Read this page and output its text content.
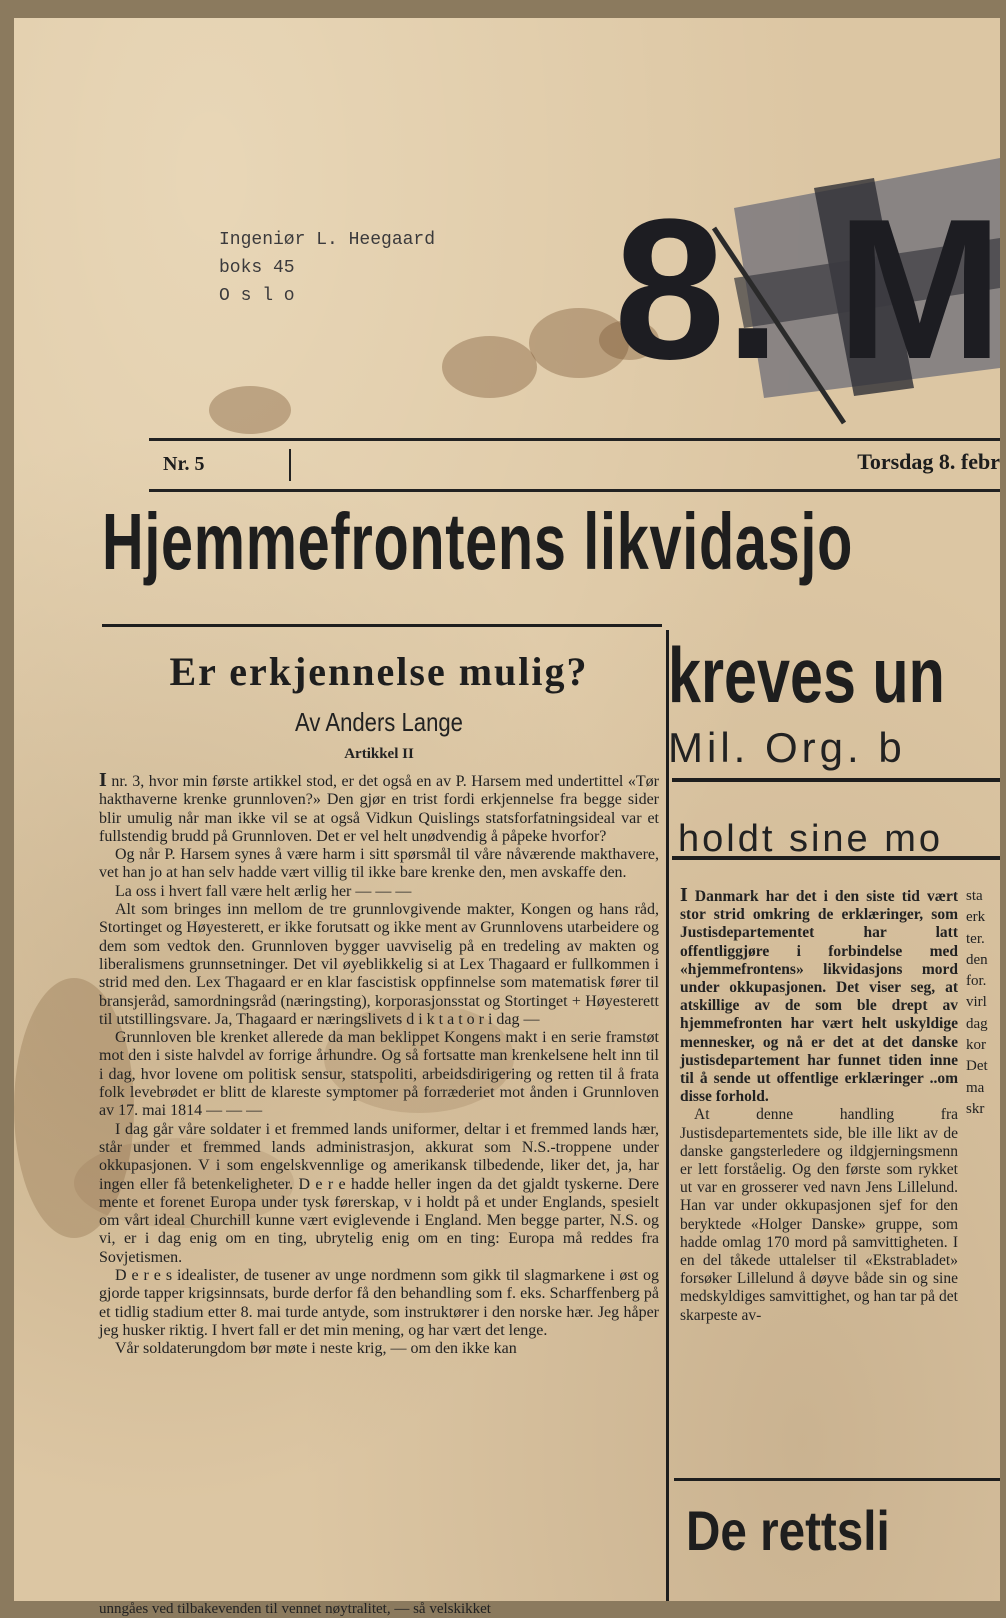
Ingeniør L. Heegaard
boks 45
O s l o	8. M
Nr. 5	Torsdag 8. febr
Hjemmefrontens likvidasjo
Er erkjennelse mulig?
Av Anders Lange
Artikkel II

I nr. 3, hvor min første artikkel stod, er det også en av P. Harsem med undertittel «Tør hakthaverne krenke grunnloven?» Den gjør en trist fordi erkjennelse fra begge sider blir umulig når man ikke vil se at også Vidkun Quislings statsforfatningsideal var et fullstendig brudd på Grunnloven. Det er vel helt unødvendig å påpeke hvorfor?

Og når P. Harsem synes å være harm i sitt spørsmål til våre nåværende makthavere, vet han jo at han selv hadde vært villig til ikke bare krenke den, men avskaffe den.

La oss i hvert fall være helt ærlig her — — —

Alt som bringes inn mellom de tre grunnlovgivende makter, Kongen og hans råd, Stortinget og Høyesterett, er ikke forutsatt og ikke ment av Grunnlovens utarbeidere og dem som vedtok den. Grunnloven bygger uavviselig på en tredeling av makten og liberalismens grunnsetninger. Det vil øyeblikkelig si at Lex Thagaard er fullkommen i strid med den. Lex Thagaard er en klar fascistisk oppfinnelse som matematisk fører til bransjeråd, samordningsråd (næringsting), korporasjonsstat og Stortinget + Høyesterett til utstillingsvare. Ja, Thagaard er næringslivets d i k t a t o r i dag —

Grunnloven ble krenket allerede da man beklippet Kongens makt i en serie framstøt mot den i siste halvdel av forrige århundre. Og så fortsatte man krenkelsene helt inn til i dag, hvor lovene om politisk sensur, statspoliti, arbeidsdirigering og retten til å frata folk levebrødet er blitt de klareste symptomer på forræderiet mot ånden i Grunnloven av 17. mai 1814 — — —

I dag går våre soldater i et fremmed lands uniformer, deltar i et fremmed lands hær, står under et fremmed lands administrasjon, akkurat som N.S.-troppene under okkupasjonen. V i som engelskvennlige og amerikansk tilbedende, liker det, ja, har ingen eller få betenkeligheter. D e r e hadde heller ingen da det gjaldt tyskerne. Dere mente et forenet Europa under tysk førerskap, v i holdt på et under Englands, spesielt om vårt ideal Churchill kunne vært eviglevende i England. Men begge parter, N.S. og vi, er i dag enig om en ting, ubrytelig enig om en ting: Europa må reddes fra Sovjetismen.

D e r e s idealister, de tusener av unge nordmenn som gikk til slagmarkene i øst og gjorde tapper krigsinnsats, burde derfor få den behandling som f. eks. Scharffenberg på et tidlig stadium etter 8. mai turde antyde, som instruktører i den norske hær. Jeg håper jeg husker riktig. I hvert fall er det min mening, og har vært det lenge.

Vår soldaterungdom bør møte i neste krig, — om den ikke kan

unngåes ved tilbakevenden til vennet nøytralitet, — så velskikket
kreves un
Mil. Org. b
holdt sine mo

I Danmark har det i den siste tid vært stor strid omkring de erklæringer, som Justisdepartementet har latt offentliggjøre i forbindelse med «hjemmefrontens» likvidasjons mord under okkupasjonen. Det viser seg, at atskillige av de som ble drept av hjemmefronten har vært helt uskyldige mennesker, og nå er det at det danske justisdepartement har funnet tiden inne til å sende ut offentlige erklæringer ..om disse forhold.

At denne handling fra Justisdepartementets side, ble ille likt av de danske gangsterledere og ildgjerningsmenn er lett forståelig. Og den første som rykket ut var en grosserer ved navn Jens Lillelund. Han var under okkupasjonen sjef for den beryktede «Holger Danske» gruppe, som hadde omlag 170 mord på samvittigheten. I en del tåkede uttalelser til «Ekstrabladet» forsøker Lillelund å døyve både sin og sine medskyldiges samvittighet, og han tar på det skarpeste av-

sta
erk
ter.
den
for.
virl
dag
kor
Det
ma
skr
De rettsli
